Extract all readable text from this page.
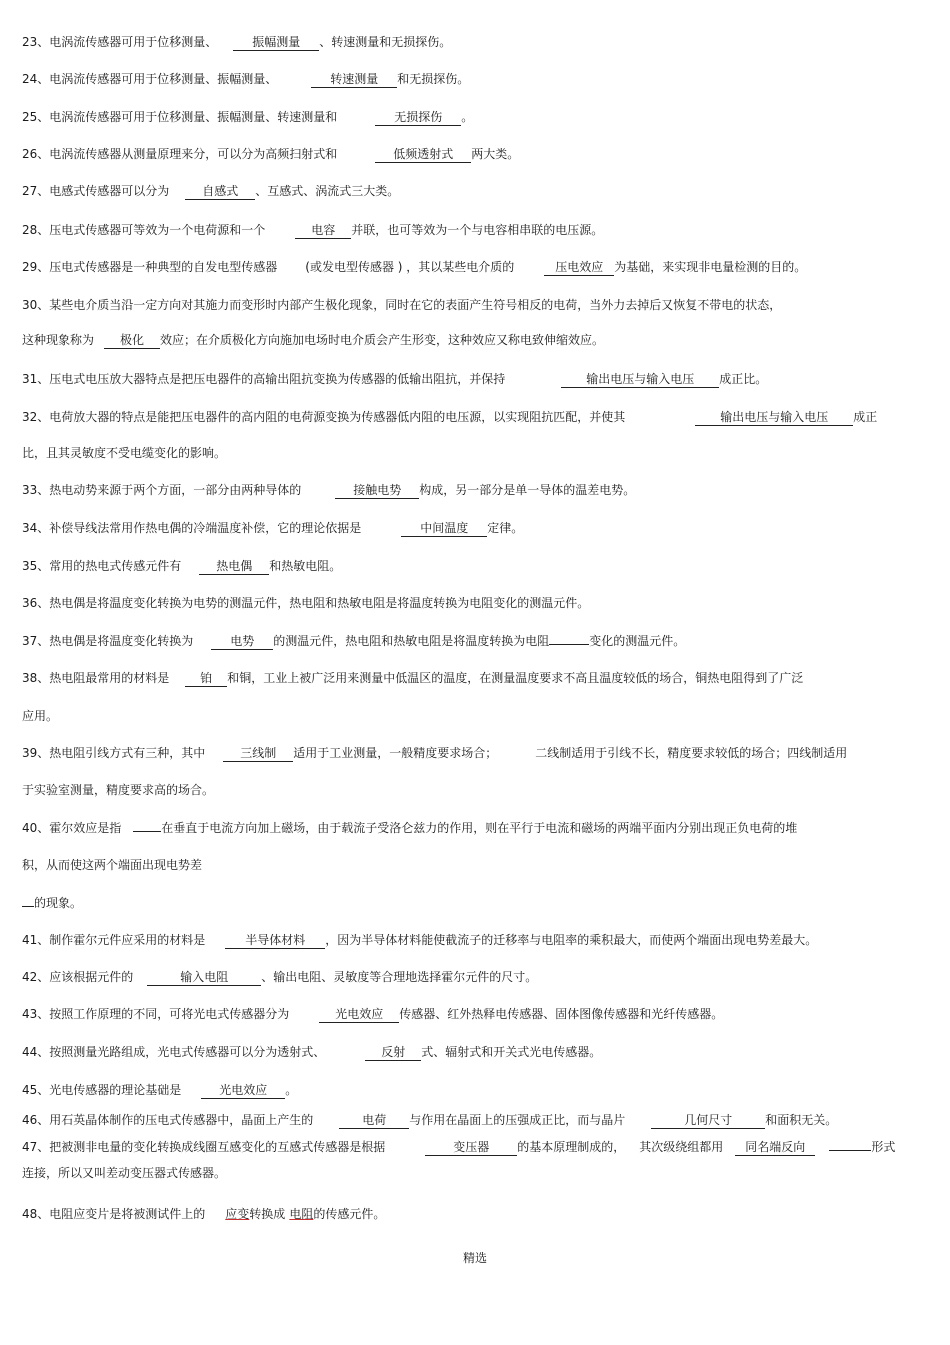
23、电涡流传感器可用于位移测量、	振幅测量 、转速测量和无损探伤。
24、电涡流传感器可用于位移测量、振幅测量、	转速测量 和无损探伤。
25、电涡流传感器可用于位移测量、振幅测量、转速测量和	无损探伤 。
26、电涡流传感器从测量原理来分，可以分为高频扫射式和	低频透射式 两大类。
27、电感式传感器可以分为	自感式 、互感式、涡流式三大类。
28、压电式传感器可等效为一个电荷源和一个	电容 并联，也可等效为一个与电容相串联的电压源。
29、压电式传感器是一种典型的自发电型传感器 (或发电型传感器 ) ，其以某些电介质的	压电效应 为基础，来实现非电量检测的目的。
30、某些电介质当沿一定方向对其施力而变形时内部产生极化现象，同时在它的表面产生符号相反的电荷，当外力去掉后又恢复不带电的状态，
这种现象称为 极化 效应；在介质极化方向施加电场时电介质会产生形变，这种效应又称电致伸缩效应。
31、压电式电压放大器特点是把压电器件的高输出阻抗变换为传感器的低输出阻抗，并保持	输出电压与输入电压 成正比。
32、电荷放大器的特点是能把压电器件的高内阻的电荷源变换为传感器低内阻的电压源，以实现阻抗匹配，并使其	输出电压与输入电压 成正
比，且其灵敏度不受电缆变化的影响。
33、热电动势来源于两个方面，一部分由两种导体的	接触电势 构成，另一部分是单一导体的温差电势。
34、补偿导线法常用作热电偶的冷端温度补偿，它的理论依据是	中间温度 定律。
35、常用的热电式传感元件有	热电偶 和热敏电阻。
36、热电偶是将温度变化转换为电势的测温元件，热电阻和热敏电阻是将温度转换为电阻变化的测温元件。
37、热电偶是将温度变化转换为	电势 的测温元件，热电阻和热敏电阻是将温度转换为电阻	变化的测温元件。
38、热电阻最常用的材料是	铂 和铜，工业上被广泛用来测量中低温区的温度，在测量温度要求不高且温度较低的场合，铜热电阻得到了广泛
应用。
39、热电阻引线方式有三种，其中	三线制 适用于工业测量，一般精度要求场合；	二线制适用于引线不长，精度要求较低的场合；四线制适用
于实验室测量，精度要求高的场合。
40、霍尔效应是指	在垂直于电流方向加上磁场，由于载流子受洛仑兹力的作用，则在平行于电流和磁场的两端平面内分别出现正负电荷的堆
积，从而使这两个端面出现电势差
的现象。
41、制作霍尔元件应采用的材料是	半导体材料 ，因为半导体材料能使截流子的迁移率与电阻率的乘积最大，而使两个端面出现电势差最大。
42、应该根据元件的	输入电阻	、输出电阻、灵敏度等合理地选择霍尔元件的尺寸。
43、按照工作原理的不同，可将光电式传感器分为	光电效应 传感器、红外热释电传感器、固体图像传感器和光纤传感器。
44、按照测量光路组成，光电式传感器可以分为透射式、	反射 式、辐射式和开关式光电传感器。
45、光电传感器的理论基础是	光电效应 。
46、用石英晶体制作的压电式传感器中，晶面上产生的	电荷 与作用在晶面上的压强成正比，而与晶片	几何尺寸	和面积无关。
47、把被测非电量的变化转换成线圈互感变化的互感式传感器是根据	变压器 的基本原理制成的， 其次级绕组都用 同名端反向	形式
连接，所以又叫差动变压器式传感器。
48、电阻应变片是将被测试件上的 应变转换成 电阻的传感元件。
精选
